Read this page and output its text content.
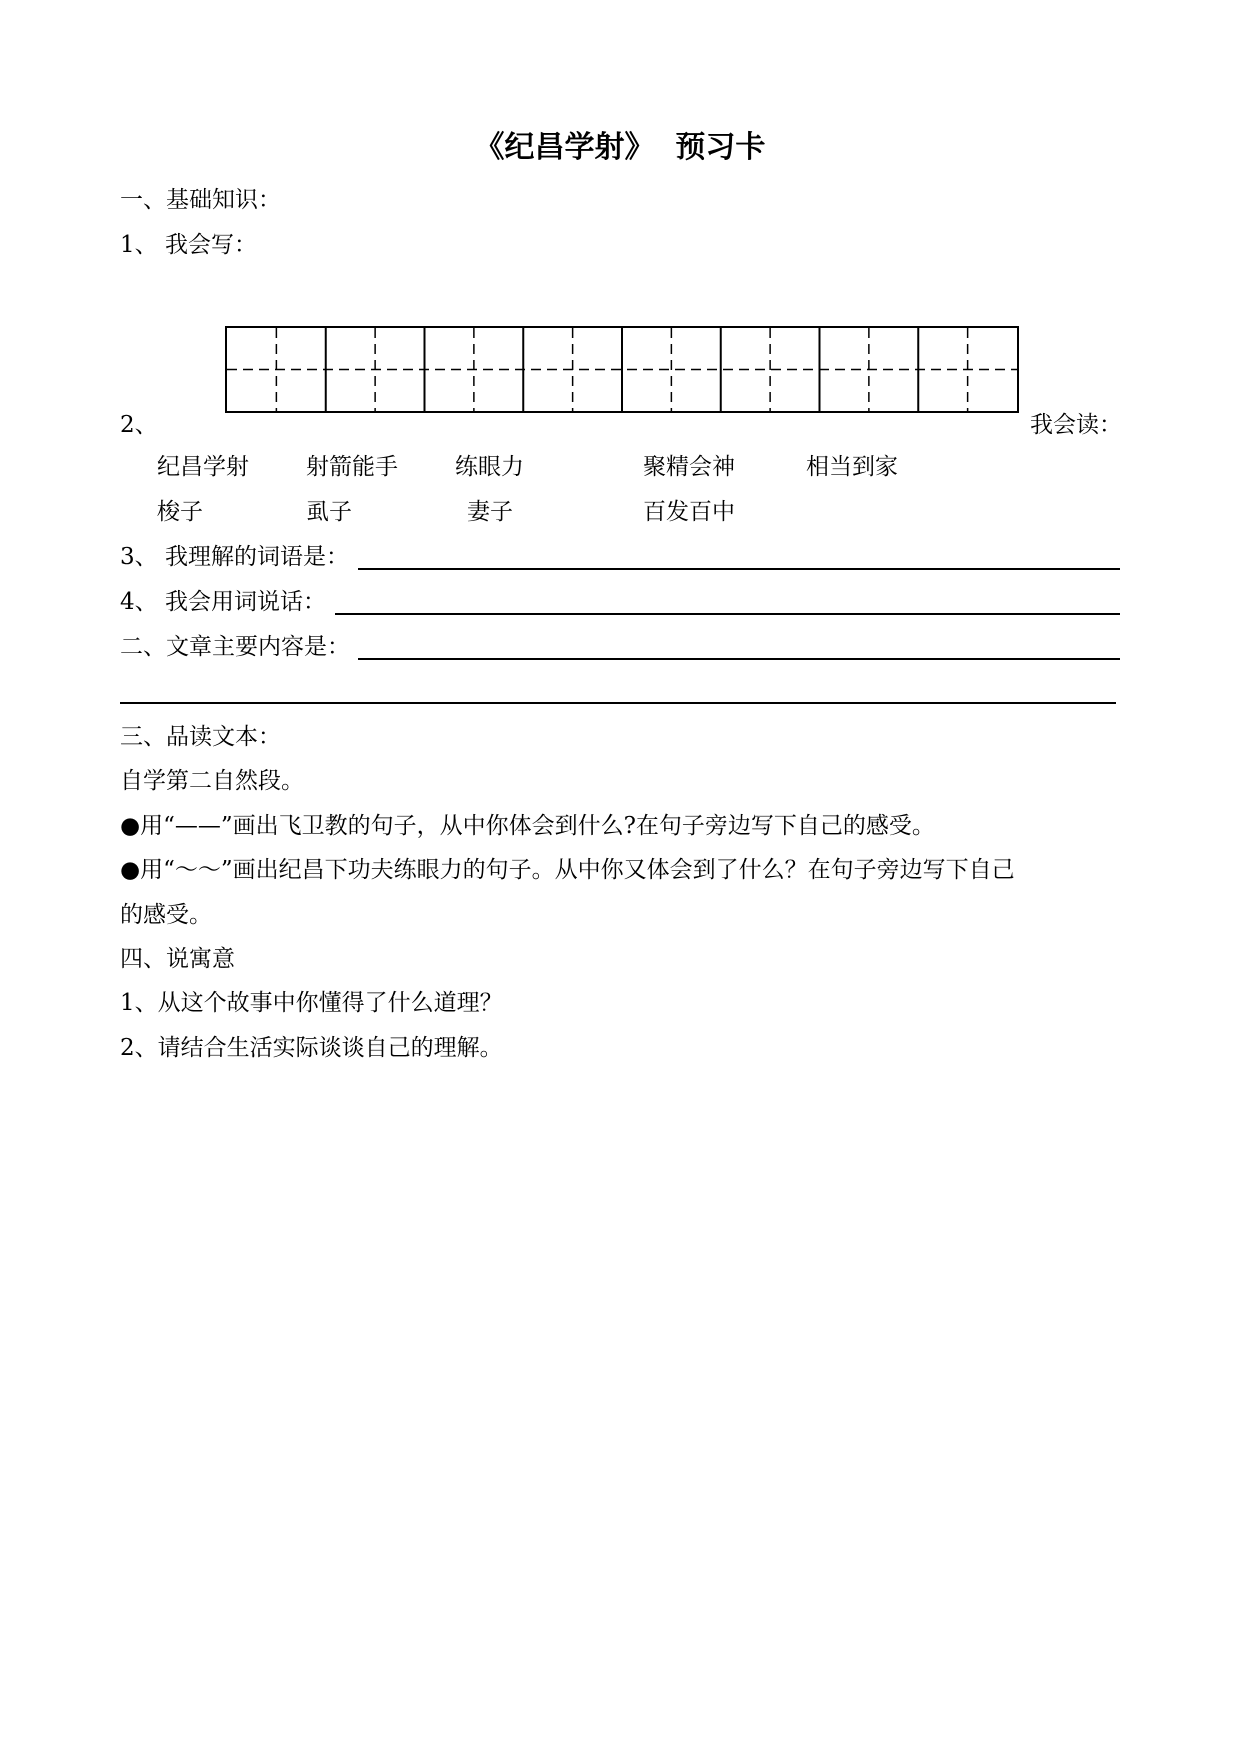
《纪昌学射》  预习卡
一、基础知识：
1、 我会写：
2、	我会读：
纪昌学射 射箭能手 练眼力	聚精会神	相当到家
梭子	虱子	妻子	百发百中
3、 我理解的词语是：
4、 我会用词说话：
二、文章主要内容是：
三、品读文本：
自学第二自然段。
●用“——”画出飞卫教的句子，从中你体会到什么?在句子旁边写下自己的感受。
●用“～～”画出纪昌下功夫练眼力的句子。从中你又体会到了什么？在句子旁边写下自己
的感受。
四、说寓意
1、从这个故事中你懂得了什么道理？
2、请结合生活实际谈谈自己的理解。
